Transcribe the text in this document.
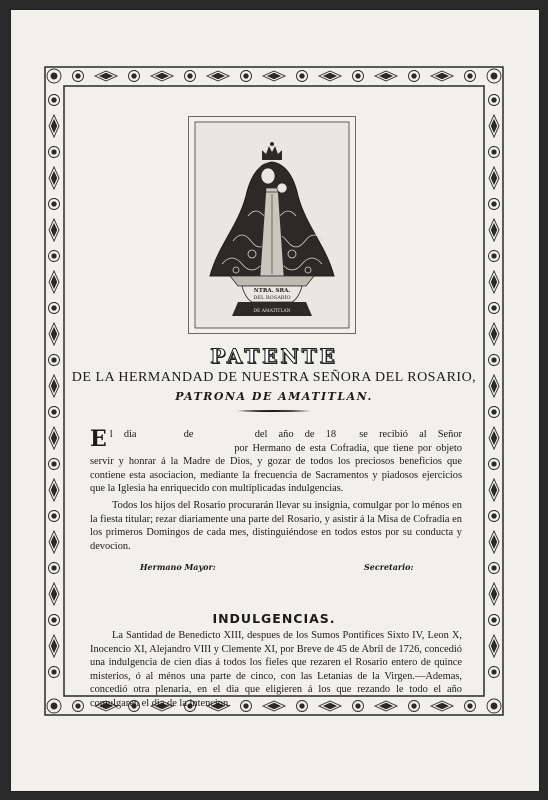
NTRA. SRA.
DEL ROSARIO
DE AMATITLAN
PATENTE
DE LA HERMANDAD DE NUESTRA SEÑORA DEL ROSARIO,
PATRONA DE AMATITLAN.
E l dia	de	del año de 18 se recibió al Señor por Hermano de esta Cofradia, que tiene por objeto servir y honrar á la Madre de Dios, y gozar de todos los preciosos beneficios que contiene esta asociacion, mediante la frecuencia de Sacramentos y piadosos ejercicios que la Iglesia ha enriquecido con multiplicadas indulgencias.
Todos los hijos del Rosario procurarán llevar su insignia, comulgar por lo ménos en la fiesta titular; rezar diariamente una parte del Rosario, y asistir á la Misa de Cofradia en los primeros Domingos de cada mes, distinguiéndose en todos estos por su conducta y devocion.
Hermano Mayor:	Secretario:
INDULGENCIAS.
La Santidad de Benedicto XIII, despues de los Sumos Pontifices Sixto IV, Leon X, Inocencio XI, Alejandro VIII y Clemente XI, por Breve de 45 de Abril de 1726, concedió una indulgencia de cien dias á todos los fieles que rezaren el Rosario entero de quince misterios, ó al ménos una parte de cinco, con las Letanias de la Virgen.—Ademas, concedió otra plenaria, en el dia que eligieren á los que rezando le todo el año comulgaren el dia de la intencion.
